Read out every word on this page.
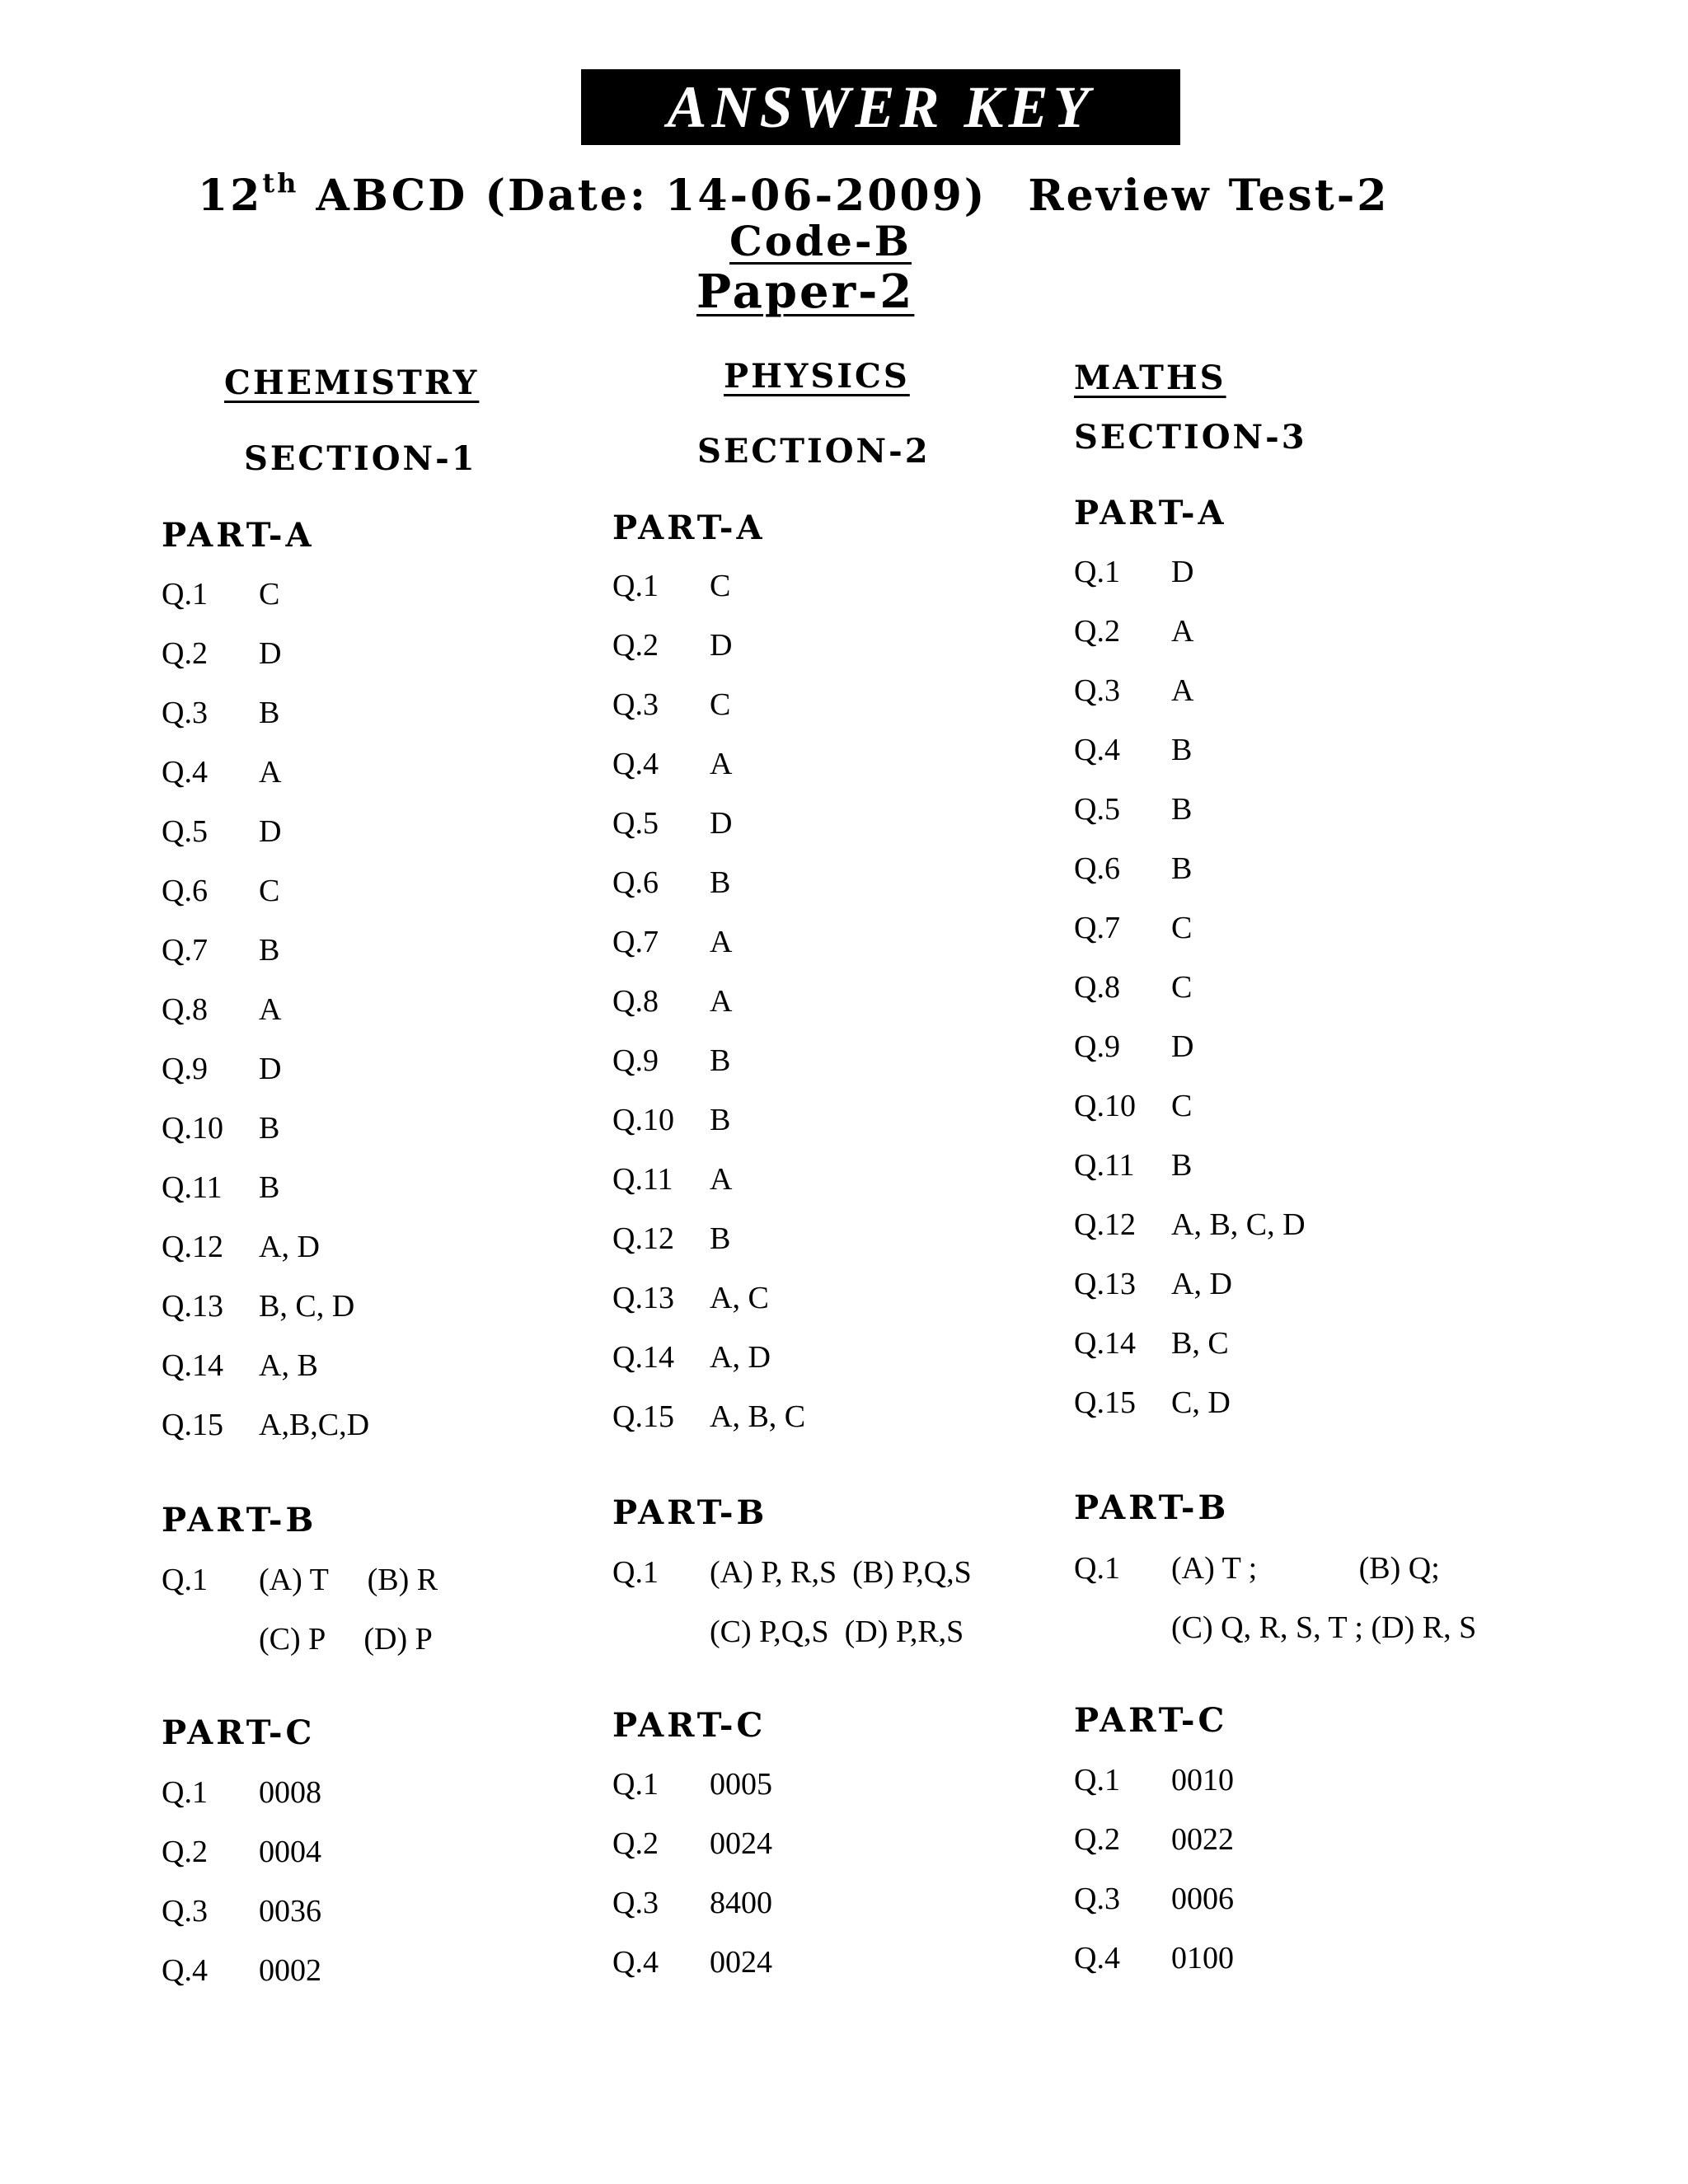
ANSWER KEY
12th ABCD (Date: 14-06-2009) Review Test-2
Code-B
Paper-2
CHEMISTRY
SECTION-1
PART-A
Q.1 C
Q.2 D
Q.3 B
Q.4 A
Q.5 D
Q.6 C
Q.7 B
Q.8 A
Q.9 D
Q.10 B
Q.11 B
Q.12 A, D
Q.13 B, C, D
Q.14 A, B
Q.15 A,B,C,D
PART-B
Q.1 (A) T     (B) R
(C) P     (D) P
PART-C
Q.1 0008
Q.2 0004
Q.3 0036
Q.4 0002
PHYSICS
SECTION-2
PART-A
Q.1 C
Q.2 D
Q.3 C
Q.4 A
Q.5 D
Q.6 B
Q.7 A
Q.8 A
Q.9 B
Q.10 B
Q.11 A
Q.12 B
Q.13 A, C
Q.14 A, D
Q.15 A, B, C
PART-B
Q.1 (A) P, R,S  (B) P,Q,S
(C) P,Q,S  (D) P,R,S
PART-C
Q.1 0005
Q.2 0024
Q.3 8400
Q.4 0024
MATHS
SECTION-3
PART-A
Q.1 D
Q.2 A
Q.3 A
Q.4 B
Q.5 B
Q.6 B
Q.7 C
Q.8 C
Q.9 D
Q.10 C
Q.11 B
Q.12 A, B, C, D
Q.13 A, D
Q.14 B, C
Q.15 C, D
PART-B
Q.1 (A) T ;             (B) Q;
(C) Q, R, S, T ; (D) R, S
PART-C
Q.1 0010
Q.2 0022
Q.3 0006
Q.4 0100
